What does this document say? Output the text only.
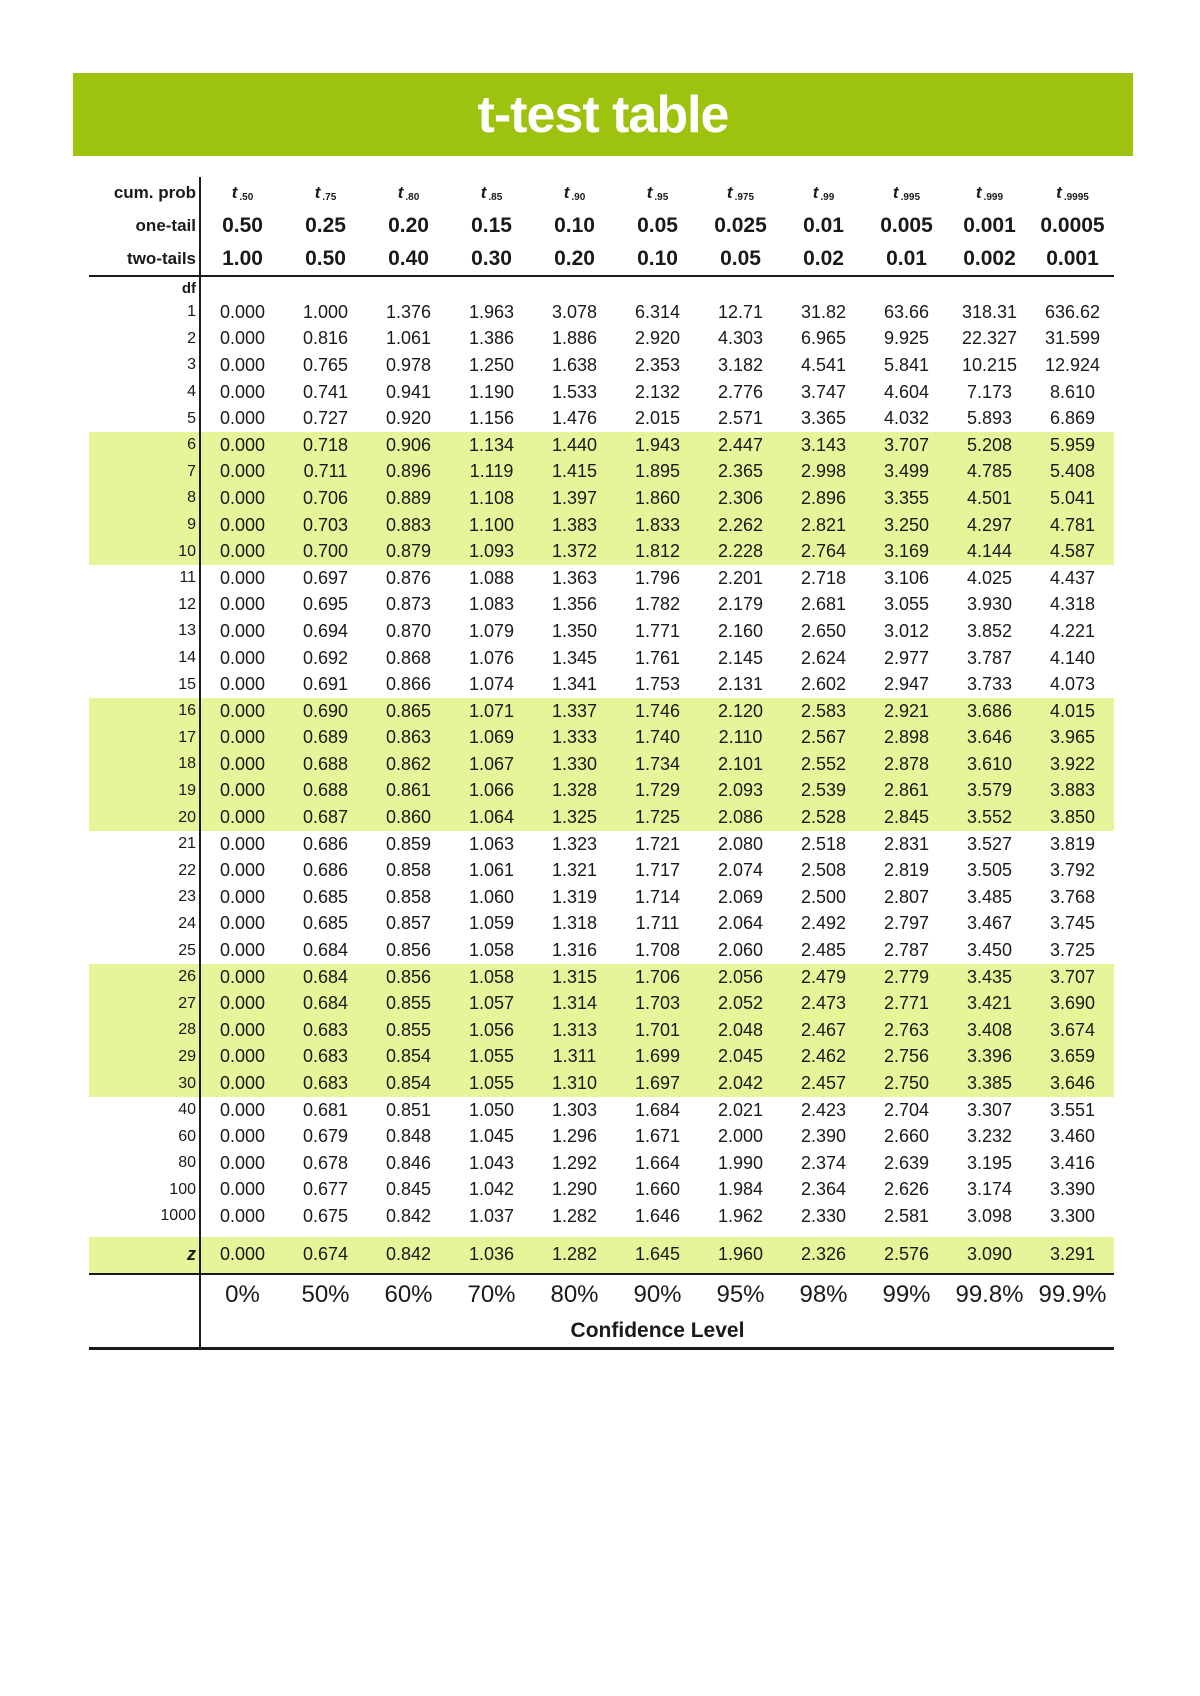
t-test table
cum. prob	t $_{.50}$	t $_{.75}$	t $_{.80}$	t $_{.85}$	t $_{.90}$	t $_{.95}$	t $_{.975}$	t $_{.99}$	t $_{.995}$	t $_{.999}$	t $_{.9995}$
one-tail	0.50	0.25	0.20	0.15	0.10	0.05	0.025	0.01	0.005	0.001	0.0005
two-tails	1.00	0.50	0.40	0.30	0.20	0.10	0.05	0.02	0.01	0.002	0.001
df											
1	0.000	1.000	1.376	1.963	3.078	6.314	12.71	31.82	63.66	318.31	636.62
2	0.000	0.816	1.061	1.386	1.886	2.920	4.303	6.965	9.925	22.327	31.599
3	0.000	0.765	0.978	1.250	1.638	2.353	3.182	4.541	5.841	10.215	12.924
4	0.000	0.741	0.941	1.190	1.533	2.132	2.776	3.747	4.604	7.173	8.610
5	0.000	0.727	0.920	1.156	1.476	2.015	2.571	3.365	4.032	5.893	6.869
6	0.000	0.718	0.906	1.134	1.440	1.943	2.447	3.143	3.707	5.208	5.959
7	0.000	0.711	0.896	1.119	1.415	1.895	2.365	2.998	3.499	4.785	5.408
8	0.000	0.706	0.889	1.108	1.397	1.860	2.306	2.896	3.355	4.501	5.041
9	0.000	0.703	0.883	1.100	1.383	1.833	2.262	2.821	3.250	4.297	4.781
10	0.000	0.700	0.879	1.093	1.372	1.812	2.228	2.764	3.169	4.144	4.587
11	0.000	0.697	0.876	1.088	1.363	1.796	2.201	2.718	3.106	4.025	4.437
12	0.000	0.695	0.873	1.083	1.356	1.782	2.179	2.681	3.055	3.930	4.318
13	0.000	0.694	0.870	1.079	1.350	1.771	2.160	2.650	3.012	3.852	4.221
14	0.000	0.692	0.868	1.076	1.345	1.761	2.145	2.624	2.977	3.787	4.140
15	0.000	0.691	0.866	1.074	1.341	1.753	2.131	2.602	2.947	3.733	4.073
16	0.000	0.690	0.865	1.071	1.337	1.746	2.120	2.583	2.921	3.686	4.015
17	0.000	0.689	0.863	1.069	1.333	1.740	2.110	2.567	2.898	3.646	3.965
18	0.000	0.688	0.862	1.067	1.330	1.734	2.101	2.552	2.878	3.610	3.922
19	0.000	0.688	0.861	1.066	1.328	1.729	2.093	2.539	2.861	3.579	3.883
20	0.000	0.687	0.860	1.064	1.325	1.725	2.086	2.528	2.845	3.552	3.850
21	0.000	0.686	0.859	1.063	1.323	1.721	2.080	2.518	2.831	3.527	3.819
22	0.000	0.686	0.858	1.061	1.321	1.717	2.074	2.508	2.819	3.505	3.792
23	0.000	0.685	0.858	1.060	1.319	1.714	2.069	2.500	2.807	3.485	3.768
24	0.000	0.685	0.857	1.059	1.318	1.711	2.064	2.492	2.797	3.467	3.745
25	0.000	0.684	0.856	1.058	1.316	1.708	2.060	2.485	2.787	3.450	3.725
26	0.000	0.684	0.856	1.058	1.315	1.706	2.056	2.479	2.779	3.435	3.707
27	0.000	0.684	0.855	1.057	1.314	1.703	2.052	2.473	2.771	3.421	3.690
28	0.000	0.683	0.855	1.056	1.313	1.701	2.048	2.467	2.763	3.408	3.674
29	0.000	0.683	0.854	1.055	1.311	1.699	2.045	2.462	2.756	3.396	3.659
30	0.000	0.683	0.854	1.055	1.310	1.697	2.042	2.457	2.750	3.385	3.646
40	0.000	0.681	0.851	1.050	1.303	1.684	2.021	2.423	2.704	3.307	3.551
60	0.000	0.679	0.848	1.045	1.296	1.671	2.000	2.390	2.660	3.232	3.460
80	0.000	0.678	0.846	1.043	1.292	1.664	1.990	2.374	2.639	3.195	3.416
100	0.000	0.677	0.845	1.042	1.290	1.660	1.984	2.364	2.626	3.174	3.390
1000	0.000	0.675	0.842	1.037	1.282	1.646	1.962	2.330	2.581	3.098	3.300

z	0.000	0.674	0.842	1.036	1.282	1.645	1.960	2.326	2.576	3.090	3.291
	0%	50%	60%	70%	80%	90%	95%	98%	99%	99.8%	99.9%
	Confidence Level										
